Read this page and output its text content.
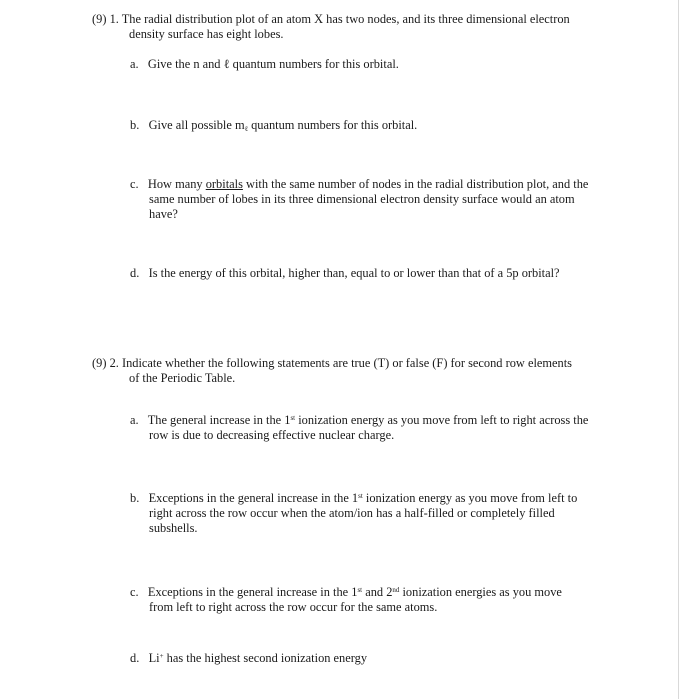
(9) 1. The radial distribution plot of an atom X has two nodes, and its three dimensional electron
density surface has eight lobes.
a. Give the n and ℓ quantum numbers for this orbital.
b. Give all possible $m_\ell$ quantum numbers for this orbital.
c. How many orbitals with the same number of nodes in the radial distribution plot, and the
same number of lobes in its three dimensional electron density surface would an atom
have?
d. Is the energy of this orbital, higher than, equal to or lower than that of a 5p orbital?
(9) 2. Indicate whether the following statements are true (T) or false (F) for second row elements
of the Periodic Table.
a. The general increase in the 1st ionization energy as you move from left to right across the
row is due to decreasing effective nuclear charge.
b. Exceptions in the general increase in the 1st ionization energy as you move from left to
right across the row occur when the atom/ion has a half-filled or completely filled
subshells.
c. Exceptions in the general increase in the 1st and 2nd ionization energies as you move
from left to right across the row occur for the same atoms.
d. Li+ has the highest second ionization energy
